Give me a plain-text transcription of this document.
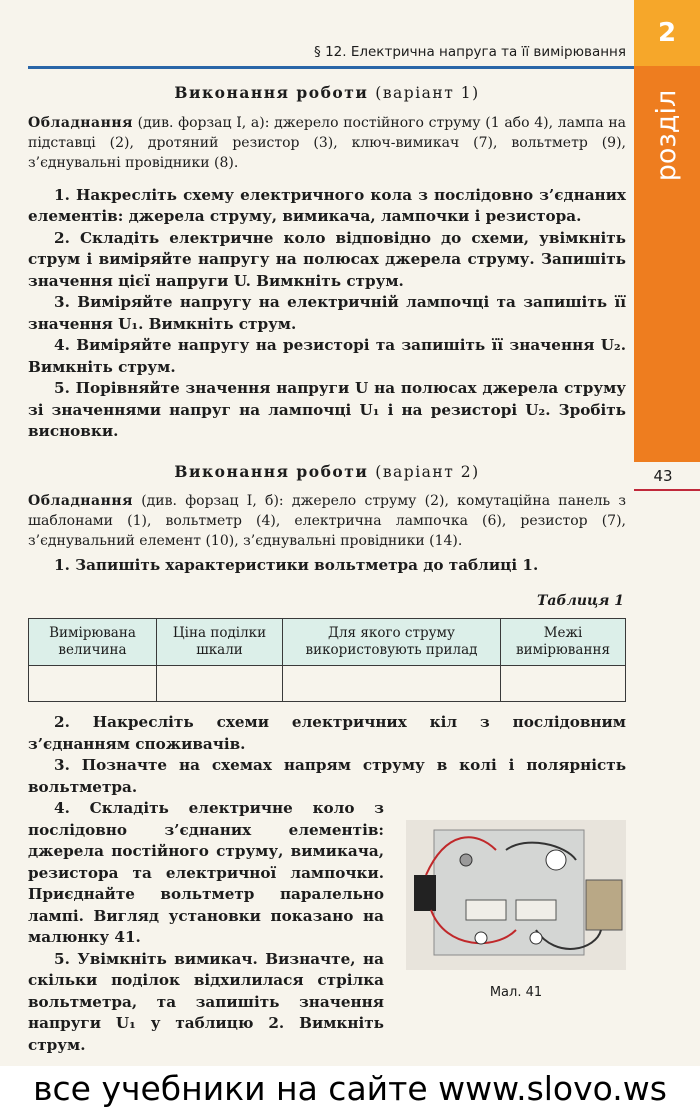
§ 12. Електрична напруга та її вимірювання
2
розділ
43
Виконання роботи (варіант 1)
Обладнання (див. форзац I, а): джерело постійного струму (1 або 4), лампа на підставці (2), дротяний резистор (3), ключ-вимикач (7), вольтметр (9), з’єднувальні провідники (8).

1. Накресліть схему електричного кола з послідовно з’єднаних елементів: джерела струму, вимикача, лампочки і резистора.

2. Складіть електричне коло відповідно до схеми, увімкніть струм і виміряйте напругу на полюсах джерела струму. Запишіть значення цієї напруги U. Вимкніть струм.

3. Виміряйте напругу на електричній лампочці та запишіть її значення U₁. Вимкніть струм.

4. Виміряйте напругу на резисторі та запишіть її значення U₂. Вимкніть струм.

5. Порівняйте значення напруги U на полюсах джерела струму зі значеннями напруг на лампочці U₁ і на резисторі U₂. Зробіть висновки.

Виконання роботи (варіант 2)
Обладнання (див. форзац I, б): джерело струму (2), комутаційна панель з шаблонами (1), вольтметр (4), електрична лампочка (6), резистор (7), з’єднувальний елемент (10), з’єднувальні провідники (14).

1. Запишіть характеристики вольтметра до таблиці 1.

Таблиця 1
Вимірювана величина	Ціна поділки шкали	Для якого струму використовують прилад	Межі вимірювання

2. Накресліть схеми електричних кіл з послідовним з’єднанням споживачів.

3. Позначте на схемах напрям струму в колі і полярність вольтметра.

4. Складіть електричне коло з послідовно з’єднаних елементів: джерела постійного струму, вимикача, резистора та електричної лампочки. Приєднайте вольтметр паралельно лампі. Вигляд установки показано на малюнку 41.

5. Увімкніть вимикач. Визначте, на скільки поділок відхилилася стрілка вольтметра, та запишіть значення напруги U₁ у таблицю 2. Вимкніть струм.

Мал. 41
все учебники на сайте www.slovo.ws
